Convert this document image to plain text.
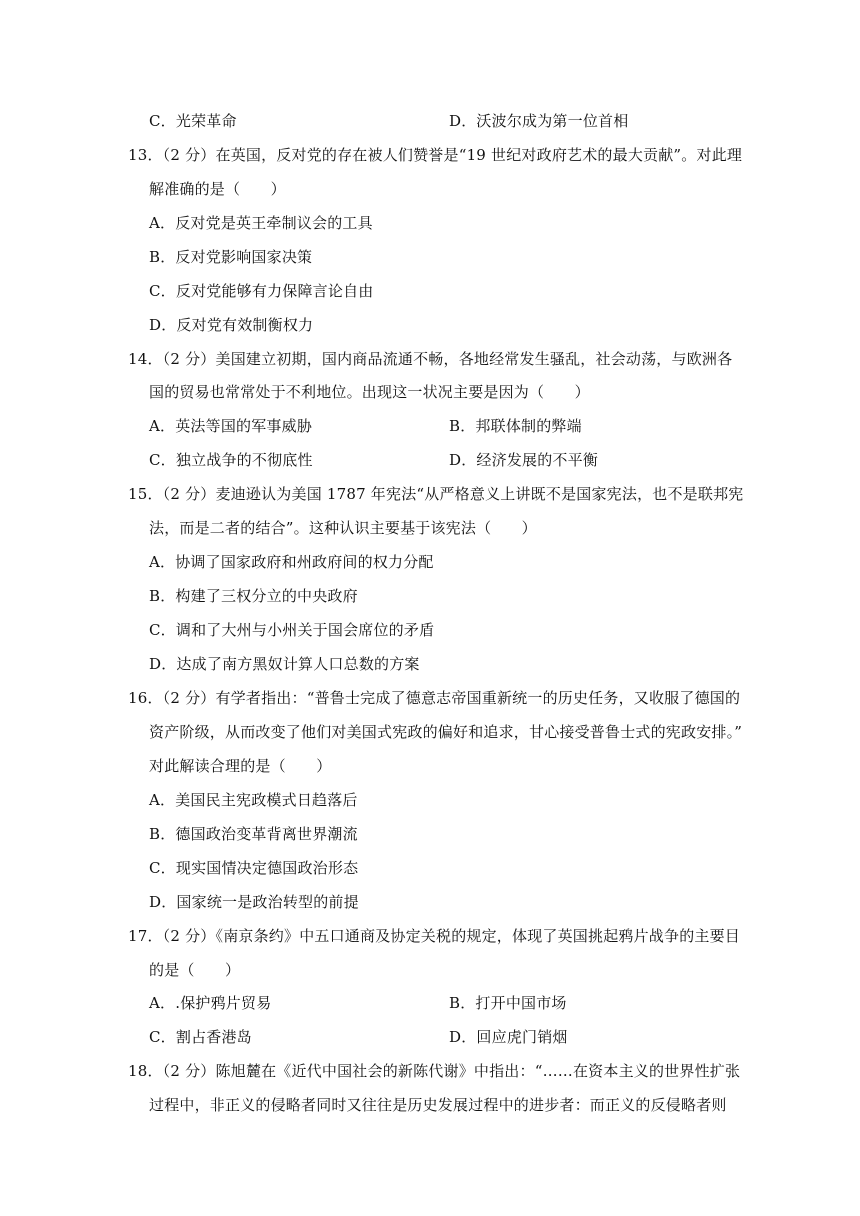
C．光荣革命	D．沃波尔成为第一位首相
13．（2 分）在英国，反对党的存在被人们赞誉是“19 世纪对政府艺术的最大贡献”。对此理
解准确的是（　　）
A．反对党是英王牵制议会的工具
B．反对党影响国家决策
C．反对党能够有力保障言论自由
D．反对党有效制衡权力
14．（2 分）美国建立初期，国内商品流通不畅，各地经常发生骚乱，社会动荡，与欧洲各
国的贸易也常常处于不利地位。出现这一状况主要是因为（　　）
A．英法等国的军事威胁	B．邦联体制的弊端
C．独立战争的不彻底性	D．经济发展的不平衡
15．（2 分）麦迪逊认为美国 1787 年宪法“从严格意义上讲既不是国家宪法，也不是联邦宪
法，而是二者的结合”。这种认识主要基于该宪法（　　）
A．协调了国家政府和州政府间的权力分配
B．构建了三权分立的中央政府
C．调和了大州与小州关于国会席位的矛盾
D．达成了南方黑奴计算人口总数的方案
16．（2 分）有学者指出：“普鲁士完成了德意志帝国重新统一的历史任务，又收服了德国的
资产阶级，从而改变了他们对美国式宪政的偏好和追求，甘心接受普鲁士式的宪政安排。”
对此解读合理的是（　　）
A．美国民主宪政模式日趋落后
B．德国政治变革背离世界潮流
C．现实国情决定德国政治形态
D．国家统一是政治转型的前提
17．（2 分）《南京条约》中五口通商及协定关税的规定，体现了英国挑起鸦片战争的主要目
的是（　　）
A．.保护鸦片贸易	B．打开中国市场
C．割占香港岛	D．回应虎门销烟
18．（2 分）陈旭麓在《近代中国社会的新陈代谢》中指出：“……在资本主义的世界性扩张
过程中，非正义的侵略者同时又往往是历史发展过程中的进步者：而正义的反侵略者则
